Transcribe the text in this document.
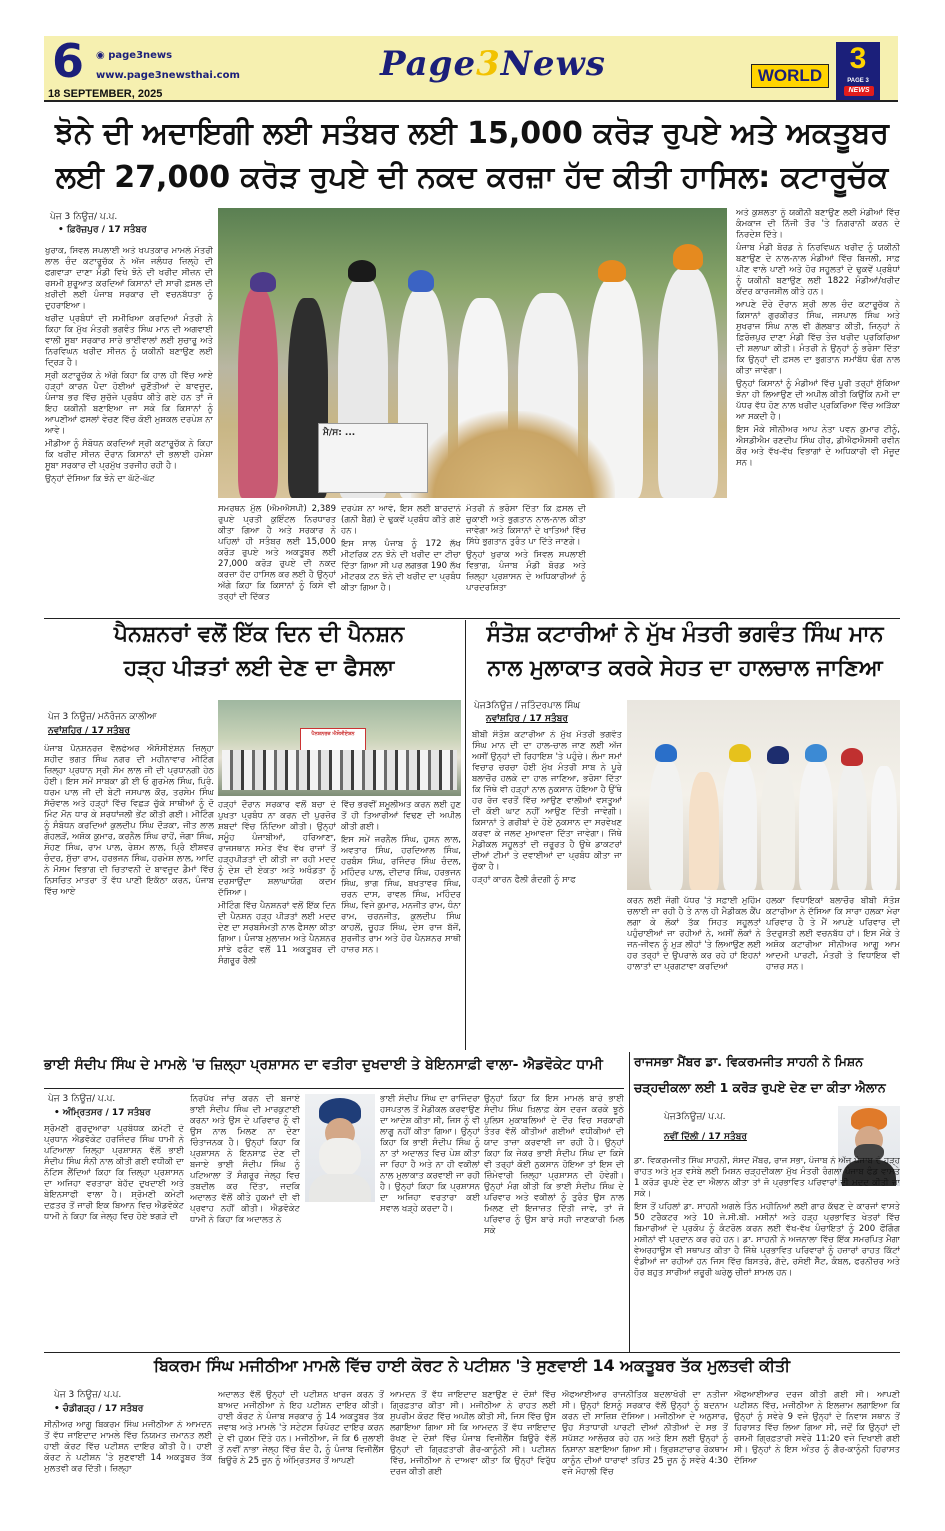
6 ◉ page3news
www.page3newsthai.com
18 SEPTEMBER, 2025
Page3News	WORLD
3
PAGE 3
NEWS
ਝੋਨੇ ਦੀ ਅਦਾਇਗੀ ਲਈ ਸਤੰਬਰ ਲਈ 15,000 ਕਰੋੜ ਰੁਪਏ ਅਤੇ ਅਕਤੂਬਰ
ਲਈ 27,000 ਕਰੋੜ ਰੁਪਏ ਦੀ ਨਕਦ ਕਰਜ਼ਾ ਹੱਦ ਕੀਤੀ ਹਾਸਿਲ: ਕਟਾਰੂਚੱਕ
ਪੇਜ 3 ਨਿਊਜ਼/ ਪ.ਪ.
• ਫ਼ਿਰੋਜ਼ਪੁਰ / 17 ਸਤੰਬਰ

ਖੁਰਾਕ, ਸਿਵਲ ਸਪਲਾਈ ਅਤੇ ਖਪਤਕਾਰ ਮਾਮਲੇ ਮੰਤਰੀ ਲਾਲ ਚੰਦ ਕਟਾਰੂਚੱਕ ਨੇ ਅੱਜ ਜਲੰਧਰ ਜ਼ਿਲ੍ਹੇ ਦੀ ਫਗਵਾੜਾ ਦਾਣਾ ਮੰਡੀ ਵਿਖੇ ਝੋਨੇ ਦੀ ਖਰੀਦ ਸੀਜ਼ਨ ਦੀ ਰਸਮੀ ਸ਼ੁਰੂਆਤ ਕਰਦਿਆਂ ਕਿਸਾਨਾਂ ਦੀ ਸਾਰੀ ਫ਼ਸਲ ਦੀ ਖ਼ਰੀਦੀ ਲਈ ਪੰਜਾਬ ਸਰਕਾਰ ਦੀ ਵਚਨਬੱਧਤਾ ਨੂੰ ਦੁਹਰਾਇਆ।

ਖਰੀਦ ਪ੍ਰਬੰਧਾਂ ਦੀ ਸਮੀਖਿਆ ਕਰਦਿਆਂ ਮੰਤਰੀ ਨੇ ਕਿਹਾ ਕਿ ਮੁੱਖ ਮੰਤਰੀ ਭਗਵੰਤ ਸਿੰਘ ਮਾਨ ਦੀ ਅਗਵਾਈ ਵਾਲੀ ਸੂਬਾ ਸਰਕਾਰ ਸਾਰੇ ਭਾਈਵਾਲਾਂ ਲਈ ਸੁਚਾਰੂ ਅਤੇ ਨਿਰਵਿਘਨ ਖਰੀਦ ਸੀਜ਼ਨ ਨੂੰ ਯਕੀਨੀ ਬਣਾਉਣ ਲਈ ਦ੍ਰਿੜ ਹੈ।

ਸ੍ਰੀ ਕਟਾਰੂਚੱਕ ਨੇ ਅੱਗੇ ਕਿਹਾ ਕਿ ਹਾਲ ਹੀ ਵਿੱਚ ਆਏ ਹੜ੍ਹਾਂ ਕਾਰਨ ਪੈਦਾ ਹੋਈਆਂ ਚੁਣੌਤੀਆਂ ਦੇ ਬਾਵਜੂਦ, ਪੰਜਾਬ ਭਰ ਵਿੱਚ ਸੁਚੱਜੇ ਪ੍ਰਬੰਧ ਕੀਤੇ ਗਏ ਹਨ ਤਾਂ ਜੋ ਇਹ ਯਕੀਨੀ ਬਣਾਇਆ ਜਾ ਸਕੇ ਕਿ ਕਿਸਾਨਾਂ ਨੂੰ ਆਪਣੀਆਂ ਫਸਲਾਂ ਵੇਚਣ ਵਿੱਚ ਕੋਈ ਮੁਸ਼ਕਲ ਦਰਪੇਸ਼ ਨਾ ਆਵੇ।

ਮੀਡੀਆ ਨੂੰ ਸੰਬੋਧਨ ਕਰਦਿਆਂ ਸ੍ਰੀ ਕਟਾਰੂਚੱਕ ਨੇ ਕਿਹਾ ਕਿ ਖਰੀਦ ਸੀਜ਼ਨ ਦੌਰਾਨ ਕਿਸਾਨਾਂ ਦੀ ਭਲਾਈ ਹਮੇਸ਼ਾ ਸੂਬਾ ਸਰਕਾਰ ਦੀ ਪ੍ਰਮੁੱਖ ਤਰਜੀਹ ਰਹੀ ਹੈ।

ਉਨ੍ਹਾਂ ਦੱਸਿਆ ਕਿ ਝੋਨੇ ਦਾ ਘੱਟੋ-ਘੱਟ

ਮੈ/ਸ: ...

ਸਮਰਥਨ ਮੁੱਲ (ਐਮਐਸਪੀ) 2,389 ਰੁਪਏ ਪ੍ਰਤੀ ਕੁਇੰਟਲ ਨਿਰਧਾਰਤ ਕੀਤਾ ਗਿਆ ਹੈ ਅਤੇ ਸਰਕਾਰ ਨੇ ਪਹਿਲਾਂ ਹੀ ਸਤੰਬਰ ਲਈ 15,000 ਕਰੋੜ ਰੁਪਏ ਅਤੇ ਅਕਤੂਬਰ ਲਈ 27,000 ਕਰੋੜ ਰੁਪਏ ਦੀ ਨਕਦ ਕਰਜ਼ਾ ਹੱਦ ਹਾਸਿਲ ਕਰ ਲਈ ਹੈ ਉਨ੍ਹਾਂ ਅੱਗੇ ਕਿਹਾ ਕਿ ਕਿਸਾਨਾਂ ਨੂੰ ਕਿਸੇ ਵੀ ਤਰ੍ਹਾਂ ਦੀ ਦਿੱਕਤ

ਦਰਪੇਸ਼ ਨਾ ਆਵੇ, ਇਸ ਲਈ ਬਾਰਦਾਨੇ (ਗਨੀ ਬੈਗ) ਦੇ ਢੁਕਵੇਂ ਪ੍ਰਬੰਧ ਕੀਤੇ ਗਏ ਹਨ।

ਇਸ ਸਾਲ ਪੰਜਾਬ ਨੂੰ 172 ਲੱਖ ਮੀਟਰਿਕ ਟਨ ਝੋਨੇ ਦੀ ਖਰੀਦ ਦਾ ਟੀਚਾ ਦਿੱਤਾ ਗਿਆ ਸੀ ਪਰ ਲਗਭਗ 190 ਲੱਖ ਮੀਟਰਕ ਟਨ ਝੋਨੇ ਦੀ ਖਰੀਦ ਦਾ ਪ੍ਰਬੰਧ ਕੀਤਾ ਗਿਆ ਹੈ।

ਮੰਤਰੀ ਨੇ ਭਰੋਸਾ ਦਿੱਤਾ ਕਿ ਫ਼ਸਲ ਦੀ ਚੁਕਾਈ ਅਤੇ ਭੁਗਤਾਨ ਨਾਲ-ਨਾਲ ਕੀਤਾ ਜਾਵੇਗਾ ਅਤੇ ਕਿਸਾਨਾਂ ਦੇ ਖਾਤਿਆਂ ਵਿੱਚ ਸਿੱਧੇ ਭੁਗਤਾਨ ਤੁਰੰਤ ਪਾ ਦਿੱਤੇ ਜਾਣਗੇ।

ਉਨ੍ਹਾਂ ਖੁਰਾਕ ਅਤੇ ਸਿਵਲ ਸਪਲਾਈ ਵਿਭਾਗ, ਪੰਜਾਬ ਮੰਡੀ ਬੋਰਡ ਅਤੇ ਜ਼ਿਲ੍ਹਾ ਪ੍ਰਸ਼ਾਸਨ ਦੇ ਅਧਿਕਾਰੀਆਂ ਨੂੰ ਪਾਰਦਰਸ਼ਿਤਾ

ਅਤੇ ਕੁਸ਼ਲਤਾ ਨੂੰ ਯਕੀਨੀ ਬਣਾਉਣ ਲਈ ਮੰਡੀਆਂ ਵਿੱਚ ਕੰਮਕਾਜ ਦੀ ਨਿੱਜੀ ਤੌਰ 'ਤੇ ਨਿਗਰਾਨੀ ਕਰਨ ਦੇ ਨਿਰਦੇਸ਼ ਦਿੱਤੇ।

ਪੰਜਾਬ ਮੰਡੀ ਬੋਰਡ ਨੇ ਨਿਰਵਿਘਨ ਖਰੀਦ ਨੂੰ ਯਕੀਨੀ ਬਣਾਉਣ ਦੇ ਨਾਲ-ਨਾਲ ਮੰਡੀਆਂ ਵਿੱਚ ਬਿਜਲੀ, ਸਾਫ਼ ਪੀਣ ਵਾਲੇ ਪਾਣੀ ਅਤੇ ਹੋਰ ਸਹੂਲਤਾਂ ਦੇ ਢੁਕਵੇਂ ਪ੍ਰਬੰਧਾਂ ਨੂੰ ਯਕੀਨੀ ਬਣਾਉਣ ਲਈ 1822 ਮੰਡੀਆਂ/ਖਰੀਦ ਕੇਂਦਰ ਕਾਰਜਸ਼ੀਲ ਕੀਤੇ ਹਨ।

ਆਪਣੇ ਦੌਰੇ ਦੌਰਾਨ ਸ਼੍ਰੀ ਲਾਲ ਚੰਦ ਕਟਾਰੂਚੱਕ ਨੇ ਕਿਸਾਨਾਂ ਗੁਰਕੀਰਤ ਸਿੰਘ, ਜਸਪਾਲ ਸਿੰਘ ਅਤੇ ਸੁਖਰਾਜ ਸਿੰਘ ਨਾਲ ਵੀ ਗੱਲਬਾਤ ਕੀਤੀ, ਜਿਨ੍ਹਾਂ ਨੇ ਫ਼ਿਰੋਜ਼ਪੁਰ ਦਾਣਾ ਮੰਡੀ ਵਿੱਚ ਤੇਜ਼ ਖਰੀਦ ਪ੍ਰਕਿਰਿਆ ਦੀ ਸ਼ਲਾਘਾ ਕੀਤੀ। ਮੰਤਰੀ ਨੇ ਉਨ੍ਹਾਂ ਨੂੰ ਭਰੋਸਾ ਦਿੱਤਾ ਕਿ ਉਨ੍ਹਾਂ ਦੀ ਫ਼ਸਲ ਦਾ ਭੁਗਤਾਨ ਸਮਾਂਬੱਧ ਢੰਗ ਨਾਲ ਕੀਤਾ ਜਾਵੇਗਾ।

ਉਨ੍ਹਾਂ ਕਿਸਾਨਾਂ ਨੂੰ ਮੰਡੀਆਂ ਵਿੱਚ ਪੂਰੀ ਤਰ੍ਹਾਂ ਸੁੱਕਿਆ ਝੋਨਾ ਹੀ ਲਿਆਉਣ ਦੀ ਅਪੀਲ ਕੀਤੀ ਕਿਉਂਕਿ ਨਮੀ ਦਾ ਪੱਧਰ ਵੱਧ ਹੋਣ ਨਾਲ ਖਰੀਦ ਪ੍ਰਕਿਰਿਆ ਵਿੱਚ ਅੜਿੱਕਾ ਆ ਸਕਦੀ ਹੈ।

ਇਸ ਮੌਕੇ ਸੀਨੀਅਰ ਆਪ ਨੇਤਾ ਪਵਨ ਕੁਮਾਰ ਟੀਨੂੰ, ਐਸਡੀਐਮ ਰਣਦੀਪ ਸਿੰਘ ਹੀਰ, ਡੀਐਫਐਸਸੀ ਰਵੀਨ ਕੌਰ ਅਤੇ ਵੱਖ-ਵੱਖ ਵਿਭਾਗਾਂ ਦੇ ਅਧਿਕਾਰੀ ਵੀ ਮੌਜੂਦ ਸਨ।

ਪੈਨਸ਼ਨਰਾਂ ਵਲੋਂ ਇੱਕ ਦਿਨ ਦੀ ਪੈਨਸ਼ਨ
ਹੜ੍ਹ ਪੀੜਤਾਂ ਲਈ ਦੇਣ ਦਾ ਫੈਸਲਾ
ਪੇਜ 3 ਨਿਊਜ਼/ ਮਨੋਰੰਜਨ ਕਾਲੀਆ
ਨਵਾਂਸ਼ਹਿਰ / 17 ਸਤੰਬਰ

ਪੰਜਾਬ ਪੈਨਸ਼ਨਰਜ਼ ਵੈਲਫੇਅਰ ਐਸੋਸੀਏਸ਼ਨ ਜ਼ਿਲ੍ਹਾ ਸ਼ਹੀਦ ਭਗਤ ਸਿੰਘ ਨਗਰ ਦੀ ਮਹੀਨਾਵਾਰ ਮੀਟਿੰਗ ਜ਼ਿਲ੍ਹਾ ਪ੍ਰਧਾਨ ਸ੍ਰੀ ਸੋਮ ਲਾਲ ਜੀ ਦੀ ਪ੍ਰਧਾਨਗੀ ਹੇਠ ਹੋਈ। ਇਸ ਸਮੇਂ ਸਾਬਕਾ ਡੀ ਈ ਓ ਗੁਰਮੇਲ ਸਿੰਘ, ਪ੍ਰਿੰ. ਧਰਮ ਪਾਲ ਜੀ ਦੀ ਬੇਟੀ ਜਸਪਾਲ ਕੌਰ, ਤਰਸੇਮ ਸਿੰਘ ਸੱਚੋਵਾਲ ਅਤੇ ਹੜ੍ਹਾਂ ਵਿੱਚ ਵਿਛੜ ਚੁੱਕੇ ਸਾਥੀਆਂ ਨੂੰ ਦੋ ਮਿੰਟ ਮੌਨ ਧਾਰ ਕੇ ਸ਼ਰਧਾਂਜਲੀ ਭੇਂਟ ਕੀਤੀ ਗਈ। ਮੀਟਿੰਗ ਨੂੰ ਸੰਬੋਧਨ ਕਰਦਿਆਂ ਕੁਲਦੀਪ ਸਿੰਘ ਦੌੜਕਾ, ਜੀਤ ਲਾਲ ਗੋਹਲੜੋਂ, ਅਸ਼ੋਕ ਕੁਮਾਰ, ਕਰਨੈਲ ਸਿੰਘ ਰਾਹੋਂ, ਜੋਗਾ ਸਿੰਘ, ਸੋਹਣ ਸਿੰਘ, ਰਾਮ ਪਾਲ, ਰੇਸ਼ਮ ਲਾਲ, ਪ੍ਰਿੰ ਈਸ਼ਵਰ ਚੰਦਰ, ਸੁੱਚਾ ਰਾਮ, ਹਰਭਜਨ ਸਿੰਘ, ਹਰਮੇਸ਼ ਲਾਲ, ਆਦਿ ਨੇ ਮੌਸਮ ਵਿਭਾਗ ਦੀ ਚਿਤਾਵਨੀ ਦੇ ਬਾਵਜੂਦ ਡੈਮਾਂ ਵਿੱਚ ਨਿਸਚਿਤ ਮਾਤਰਾ ਤੋਂ ਵੱਧ ਪਾਣੀ ਇਕੱਠਾ ਕਰਨ, ਪੰਜਾਬ ਵਿੱਚ ਆਏ

ਪੈਨਸ਼ਨਰਜ਼ ਐਸੋਸੀਏਸ਼ਨ

ਹੜ੍ਹਾਂ ਦੌਰਾਨ ਸਰਕਾਰ ਵਲੋਂ ਬਚਾ ਦੇ ਪੁਖਤਾ ਪ੍ਰਬੰਧ ਨਾ ਕਰਨ ਦੀ ਪੁਰਜ਼ੋਰ ਸ਼ਬਦਾਂ ਵਿੱਚ ਨਿੰਦਿਆ ਕੀਤੀ। ਉਨ੍ਹਾਂ ਸਮੂੰਹ ਪੰਜਾਬੀਆਂ, ਹਰਿਆਣਾ, ਰਾਜਸਥਾਨ ਸਮੇਤ ਵੱਖ ਵੱਖ ਰਾਜਾਂ ਤੋਂ ਹੜ੍ਹਪੀੜਤਾਂ ਦੀ ਕੀਤੀ ਜਾ ਰਹੀ ਮਦਦ ਨੂੰ ਦੇਸ਼ ਦੀ ਏਕਤਾ ਅਤੇ ਅਖੰਡਤਾ ਨੂੰ ਦਰਸਾਉਂਦਾ ਸ਼ਲਾਘਾਯੋਗ ਕਦਮ ਦੱਸਿਆ।

ਮੀਟਿੰਗ ਵਿੱਚ ਪੈਨਸ਼ਨਰਾਂ ਵਲੋਂ ਇੱਕ ਦਿਨ ਦੀ ਪੈਨਸ਼ਨ ਹੜ੍ਹ ਪੀੜਤਾਂ ਲਈ ਮਦਦ ਦੇਣ ਦਾ ਸਰਬਸੰਮਤੀ ਨਾਲ ਫੈਸਲਾ ਕੀਤਾ ਗਿਆ। ਪੰਜਾਬ ਮੁਲਾਜ਼ਮ ਅਤੇ ਪੈਨਸ਼ਨਰ ਸਾਂਝੇ ਫਰੰਟ ਵਲੋਂ 11 ਅਕਤੂਬਰ ਦੀ ਸੰਗਰੂਰ ਰੈਲੀ

ਵਿੱਚ ਭਰਵੀਂ ਸ਼ਮੂਲੀਅਤ ਕਰਨ ਲਈ ਹੁਣ ਤੋਂ ਹੀ ਤਿਆਰੀਆਂ ਵਿਢਣ ਦੀ ਅਪੀਲ ਕੀਤੀ ਗਈ।

ਇਸ ਸਮੇਂ ਜਰਨੈਲ ਸਿੰਘ, ਹੁਸਨ ਲਾਲ, ਅਵਤਾਰ ਸਿੰਘ, ਹਰਦਿਆਲ ਸਿੰਘ, ਹਰਬੰਸ ਸਿੰਘ, ਰਜਿੰਦਰ ਸਿੰਘ ਚੰਦਲ, ਮਹਿੰਦਰ ਪਾਲ, ਦੀਦਾਰ ਸਿੰਘ, ਹਰਭਜਨ ਸਿੰਘ, ਭਾਗ ਸਿੰਘ, ਬਖਤਾਵਰ ਸਿੰਘ, ਚਰਨ ਦਾਸ, ਰਾਵਲ ਸਿੰਘ, ਮਹਿੰਦਰ ਸਿੰਘ, ਵਿਜੇ ਕੁਮਾਰ, ਮਨਜੀਤ ਰਾਮ, ਧੰਨਾ ਰਾਮ, ਚਰਨਜੀਤ, ਕੁਲਦੀਪ ਸਿੰਘ ਕਾਹਲੋਂ, ਚੂਹੜ ਸਿੰਘ, ਦੇਸ ਰਾਜ ਬੱਜੋਂ, ਸੁਰਜੀਤ ਰਾਮ ਅਤੇ ਹੋਰ ਪੈਨਸ਼ਨਰ ਸਾਥੀ ਹਾਜ਼ਰ ਸਨ।

ਸੰਤੋਸ਼ ਕਟਾਰੀਆਂ ਨੇ ਮੁੱਖ ਮੰਤਰੀ ਭਗਵੰਤ ਸਿੰਘ ਮਾਨ
ਨਾਲ ਮੁਲਾਕਾਤ ਕਰਕੇ ਸੇਹਤ ਦਾ ਹਾਲਚਾਲ ਜਾਣਿਆ
ਪੇਜ3ਨਿਊਜ਼ / ਜਤਿੰਦਰਪਾਲ ਸਿੰਘ
ਨਵਾਂਸ਼ਹਿਰ / 17 ਸਤੰਬਰ

ਬੀਬੀ ਸੰਤੋਸ਼ ਕਟਾਰੀਆ ਨੇ ਮੁੱਖ ਮੰਤਰੀ ਭਗਵੰਤ ਸਿੰਘ ਮਾਨ ਦੀ ਦਾ ਹਾਲ-ਚਾਲ ਜਾਣ ਲਈ ਅੱਜ ਅਸੀਂ ਉਨ੍ਹਾਂ ਦੀ ਰਿਹਾਇਸ਼ 'ਤੇ ਪਹੁੰਚੇ। ਲੰਮਾ ਸਮਾਂ ਵਿਚਾਰ ਚਰਚਾ ਹੋਈ ਮੁੱਖ ਮੰਤਰੀ ਸਾਬ ਨੇ ਪੂਰੇ ਬਲਾਚੌਰ ਹਲਕੇ ਦਾ ਹਾਲ ਜਾਣਿਆ, ਭਰੋਸਾ ਦਿੱਤਾ ਕਿ ਜਿੱਥੇ ਵੀ ਹੜ੍ਹਾਂ ਨਾਲ ਨੁਕਸਾਨ ਹੋਇਆ ਹੈ ਉੱਥੇ ਹਰ ਰੋਜ਼ ਵਰਤੋਂ ਵਿੱਚ ਆਉਣ ਵਾਲੀਆਂ ਵਸਤੂਆਂ ਦੀ ਕੋਈ ਘਾਟ ਨਹੀਂ ਆਉਣ ਦਿੱਤੀ ਜਾਵੇਗੀ। ਕਿਸਾਨਾਂ ਤੇ ਗਰੀਬਾਂ ਦੇ ਹੋਏ ਨੁਕਸਾਨ ਦਾ ਸਰਵੇਖਣ ਕਰਵਾ ਕੇ ਜਲਦ ਮੁਆਵਜ਼ਾ ਦਿੱਤਾ ਜਾਵੇਗਾ। ਜਿੱਥੇ ਮੈਡੀਕਲ ਸਹੂਲਤਾਂ ਦੀ ਜ਼ਰੂਰਤ ਹੈ ਉਥੇ ਡਾਕਟਰਾਂ ਦੀਆਂ ਟੀਮਾਂ ਤੇ ਦਵਾਈਆਂ ਦਾ ਪ੍ਰਬੰਧ ਕੀਤਾ ਜਾ ਚੁੱਕਾ ਹੈ।

ਹੜ੍ਹਾਂ ਕਾਰਨ ਫੈਲੀ ਗੰਦਗੀ ਨੂੰ ਸਾਫ

ਕਰਨ ਲਈ ਜੰਗੀ ਪੱਧਰ 'ਤੇ ਸਫ਼ਾਈ ਮੁਹਿੰਮ ਚਲਾਈ ਜਾ ਰਹੀ ਹੈ ਤੇ ਨਾਲ ਹੀ ਮੈਡੀਕਲ ਕੈਂਪ ਲਗਾ ਕੇ ਲੋਕਾਂ ਤੱਕ ਸਿਹਤ ਸਹੂਲਤਾਂ ਪਹੁੰਚਾਈਆਂ ਜਾ ਰਹੀਆਂ ਨੇ, ਅਸੀਂ ਲੋਕਾਂ ਨੇ ਜਨ-ਜੀਵਨ ਨੂੰ ਮੁੜ ਲੀਹਾਂ 'ਤੇ ਲਿਆਉਣ ਲਈ ਹਰ ਤਰ੍ਹਾਂ ਦੇ ਉਪਰਾਲੇ ਕਰ ਰਹੇ ਹਾਂ ਇਹਨਾਂ ਹਾਲਾਤਾਂ ਦਾ ਪ੍ਰਗਟਾਵਾ ਕਰਦਿਆਂ

ਹਲਕਾ ਵਿਧਾਇਕਾਂ ਬਲਾਚੌਰ ਬੀਬੀ ਸੰਤੋਸ਼ ਕਟਾਰੀਆ ਨੇ ਦੱਸਿਆ ਕਿ ਸਾਰਾ ਹਲਕਾ ਮੇਰਾ ਪਰਿਵਾਰ ਹੈ ਤੇ ਮੈਂ ਆਪਣੇ ਪਰਿਵਾਰ ਦੀ ਤੰਦਰੁਸਤੀ ਲਈ ਵਚਨਬੱਧ ਹਾਂ। ਇਸ ਮੌਕੇ ਤੇ ਅਸ਼ੋਕ ਕਟਾਰੀਆ ਸੀਨੀਅਰ ਆਗੂ ਆਮ ਆਦਮੀ ਪਾਰਟੀ, ਮੰਤਰੀ ਤੇ ਵਿਧਾਇਕ ਵੀ ਹਾਜ਼ਰ ਸਨ।

ਭਾਈ ਸੰਦੀਪ ਸਿੰਘ ਦੇ ਮਾਮਲੇ 'ਚ ਜ਼ਿਲ੍ਹਾ ਪ੍ਰਸ਼ਾਸਨ ਦਾ ਵਤੀਰਾ ਦੁਖਦਾਈ ਤੇ ਬੇਇਨਸਾਫ਼ੀ ਵਾਲਾ- ਐਡਵੋਕੇਟ ਧਾਮੀ
ਪੇਜ 3 ਨਿਊਜ਼/ ਪ.ਪ.
• ਅੰਮ੍ਰਿਤਸਰ / 17 ਸਤੰਬਰ

ਸ਼੍ਰੋਮਣੀ ਗੁਰਦੁਆਰਾ ਪ੍ਰਬੰਧਕ ਕਮੇਟੀ ਦੇ ਪ੍ਰਧਾਨ ਐਡਵੋਕੇਟ ਹਰਜਿੰਦਰ ਸਿੰਘ ਧਾਮੀ ਨੇ ਪਟਿਆਲਾ ਜ਼ਿਲ੍ਹਾ ਪ੍ਰਸ਼ਾਸਨ ਵੱਲੋਂ ਭਾਈ ਸੰਦੀਪ ਸਿੰਘ ਸੰਨੀ ਨਾਲ ਕੀਤੀ ਗਈ ਵਧੀਕੀ ਦਾ ਨੋਟਿਸ ਲੈਂਦਿਆਂ ਕਿਹਾ ਕਿ ਜ਼ਿਲ੍ਹਾ ਪ੍ਰਸ਼ਾਸਨ ਦਾ ਅਜਿਹਾ ਵਰਤਾਰਾ ਬੇਹੱਦ ਦੁਖਦਾਈ ਅਤੇ ਬੇਇਨਸਾਫੀ ਵਾਲਾ ਹੈ। ਸ਼੍ਰੋਮਣੀ ਕਮੇਟੀ ਦਫ਼ਤਰ ਤੋਂ ਜਾਰੀ ਇਕ ਬਿਆਨ ਵਿਚ ਐਡਵੋਕੇਟ ਧਾਮੀ ਨੇ ਕਿਹਾ ਕਿ ਜੇਲ੍ਹ ਵਿਚ ਹੋਏ ਝਗੜੇ ਦੀ

ਨਿਰਪੱਖ ਜਾਂਚ ਕਰਨ ਦੀ ਬਜਾਏ ਭਾਈ ਸੰਦੀਪ ਸਿੰਘ ਦੀ ਮਾਰਕੁਟਾਈ ਕਰਨਾ ਅਤੇ ਉਸ ਦੇ ਪਰਿਵਾਰ ਨੂੰ ਵੀ ਉਸ ਨਾਲ ਮਿਲਣ ਨਾ ਦੇਣਾ ਚਿੰਤਾਜਨਕ ਹੈ। ਉਨ੍ਹਾਂ ਕਿਹਾ ਕਿ ਪ੍ਰਸ਼ਾਸਨ ਨੇ ਇਨਸਾਫ਼ ਦੇਣ ਦੀ ਬਜਾਏ ਭਾਈ ਸੰਦੀਪ ਸਿੰਘ ਨੂੰ ਪਟਿਆਲਾ ਤੋਂ ਸੰਗਰੂਰ ਜੇਲ੍ਹ ਵਿਚ ਤਬਦੀਲ ਕਰ ਦਿੱਤਾ, ਜਦਕਿ ਅਦਾਲਤ ਵੱਲੋਂ ਕੀਤੇ ਹੁਕਮਾਂ ਦੀ ਵੀ ਪ੍ਰਵਾਹ ਨਹੀਂ ਕੀਤੀ। ਐਡਵੋਕੇਟ ਧਾਮੀ ਨੇ ਕਿਹਾ ਕਿ ਅਦਾਲਤ ਨੇ

ਭਾਈ ਸੰਦੀਪ ਸਿੰਘ ਦਾ ਰਾਜਿੰਦਰਾ ਹਸਪਤਾਲ ਤੋਂ ਮੈਡੀਕਲ ਕਰਵਾਉਣ ਦਾ ਆਦੇਸ਼ ਕੀਤਾ ਸੀ, ਜਿਸ ਨੂੰ ਵੀ ਲਾਗੂ ਨਹੀਂ ਕੀਤਾ ਗਿਆ। ਉਨ੍ਹਾਂ ਕਿਹਾ ਕਿ ਭਾਈ ਸੰਦੀਪ ਸਿੰਘ ਨੂੰ ਨਾ ਤਾਂ ਅਦਾਲਤ ਵਿਚ ਪੇਸ਼ ਕੀਤਾ ਜਾ ਰਿਹਾ ਹੈ ਅਤੇ ਨਾ ਹੀ ਵਕੀਲਾਂ ਨਾਲ ਮੁਲਾਕਾਤ ਕਰਵਾਈ ਜਾ ਰਹੀ ਹੈ। ਉਨ੍ਹਾਂ ਕਿਹਾ ਕਿ ਪ੍ਰਸ਼ਾਸਨ ਦਾ ਅਜਿਹਾ ਵਰਤਾਰਾ ਕਈ ਸਵਾਲ ਖੜ੍ਹੇ ਕਰਦਾ ਹੈ।

ਉਨ੍ਹਾਂ ਕਿਹਾ ਕਿ ਇਸ ਮਾਮਲੇ ਬਾਰੇ ਭਾਈ ਸੰਦੀਪ ਸਿੰਘ ਖ਼ਿਲਾਫ਼ ਕੇਸ ਦਰਜ ਕਰਕੇ ਝੂਠੇ ਪੁਲਿਸ ਮੁਕਾਬਲਿਆਂ ਦੇ ਦੌਰ ਵਿਚ ਸਰਕਾਰੀ ਤੰਤਰ ਵੱਲੋਂ ਕੀਤੀਆਂ ਗਈਆਂ ਵਧੀਕੀਆਂ ਦੀ ਯਾਦ ਤਾਜ਼ਾ ਕਰਵਾਈ ਜਾ ਰਹੀ ਹੈ। ਉਨ੍ਹਾਂ ਕਿਹਾ ਕਿ ਜੇਕਰ ਭਾਈ ਸੰਦੀਪ ਸਿੰਘ ਦਾ ਕਿਸੇ ਵੀ ਤਰ੍ਹਾਂ ਕੋਈ ਨੁਕਸਾਨ ਹੋਇਆ ਤਾਂ ਇਸ ਦੀ ਜ਼ਿੰਮੇਵਾਰੀ ਜ਼ਿਲ੍ਹਾ ਪ੍ਰਸ਼ਾਸਨ ਦੀ ਹੋਵੇਗੀ। ਉਨ੍ਹਾਂ ਮੰਗ ਕੀਤੀ ਕਿ ਭਾਈ ਸੰਦੀਪ ਸਿੰਘ ਦੇ ਪਰਿਵਾਰ ਅਤੇ ਵਕੀਲਾਂ ਨੂੰ ਤੁਰੰਤ ਉਸ ਨਾਲ ਮਿਲਣ ਦੀ ਇਜਾਜ਼ਤ ਦਿੱਤੀ ਜਾਵੇ, ਤਾਂ ਜੋ ਪਰਿਵਾਰ ਨੂੰ ਉਸ ਬਾਰੇ ਸਹੀ ਜਾਣਕਾਰੀ ਮਿਲ ਸਕੇ

ਰਾਜਸਭਾ ਮੈਂਬਰ ਡਾ. ਵਿਕਰਮਜੀਤ ਸਾਹਨੀ ਨੇ ਮਿਸ਼ਨ
ਚੜ੍ਹਦੀਕਲਾ ਲਈ 1 ਕਰੋੜ ਰੁਪਏ ਦੇਣ ਦਾ ਕੀਤਾ ਐਲਾਨ
ਪੇਜ3ਨਿਊਜ਼/ ਪ.ਪ.
ਨਵੀਂ ਦਿੱਲੀ / 17 ਸਤੰਬਰ

ਡਾ. ਵਿਕਰਮਜੀਤ ਸਿੰਘ ਸਾਹਨੀ, ਸੰਸਦ ਮੈਂਬਰ, ਰਾਜ ਸਭਾ, ਪੰਜਾਬ ਨੇ ਅੱਜ ਪੰਜਾਬ ਦੇ ਹੜ੍ਹ ਰਾਹਤ ਅਤੇ ਮੁੜ ਵਸੇਬੇ ਲਈ ਮਿਸ਼ਨ ਚੜ੍ਹਦੀਕਲਾ ਮੁੱਖ ਮੰਤਰੀ ਰੰਗਲਾ ਪੰਜਾਬ ਫੰਡ ਵਾਸਤੇ 1 ਕਰੋੜ ਰੁਪਏ ਦੇਣ ਦਾ ਐਲਾਨ ਕੀਤਾ ਤਾਂ ਜੋ ਪ੍ਰਭਾਵਿਤ ਪਰਿਵਾਰਾਂ ਦੀ ਮਦਦ ਕੀਤੀ ਜਾ ਸਕੇ।

ਇਸ ਤੋਂ ਪਹਿਲਾਂ ਡਾ. ਸਾਹਨੀ ਅਗਲੇ ਤਿੰਨ ਮਹੀਨਿਆਂ ਲਈ ਗਾਰ ਕੱਢਣ ਦੇ ਕਾਰਜਾਂ ਵਾਸਤੇ 50 ਟਰੈਕਟਰ ਅਤੇ 10 ਜੇ.ਸੀ.ਬੀ. ਮਸ਼ੀਨਾਂ ਅਤੇ ਹੜ੍ਹ ਪ੍ਰਭਾਵਿਤ ਖੇਤਰਾਂ ਵਿੱਚ ਬਿਮਾਰੀਆਂ ਦੇ ਪ੍ਰਕੋਪ ਨੂੰ ਕੰਟਰੋਲ ਕਰਨ ਲਈ ਵੱਖ-ਵੱਖ ਪੰਚਾਇਤਾਂ ਨੂੰ 200 ਫੌਗਿੰਗ ਮਸ਼ੀਨਾਂ ਵੀ ਪ੍ਰਦਾਨ ਕਰ ਰਹੇ ਹਨ। ਡਾ. ਸਾਹਨੀ ਨੇ ਅਜਨਾਲਾ ਵਿੱਚ ਇੱਕ ਸਮਰਪਿਤ ਮੈਗਾ ਵੇਅਰਹਾਊਸ ਵੀ ਸਥਾਪਤ ਕੀਤਾ ਹੈ ਜਿੱਥੇ ਪ੍ਰਭਾਵਿਤ ਪਰਿਵਾਰਾਂ ਨੂੰ ਹਜ਼ਾਰਾਂ ਰਾਹਤ ਕਿੱਟਾਂ ਵੰਡੀਆਂ ਜਾ ਰਹੀਆਂ ਹਨ ਜਿਸ ਵਿੱਚ ਬਿਸਤਰੇ, ਗੱਦੇ, ਰਸੋਈ ਸੈੱਟ, ਕੰਬਲ, ਫਰਨੀਚਰ ਅਤੇ ਹੋਰ ਬਹੁਤ ਸਾਰੀਆਂ ਜ਼ਰੂਰੀ ਘਰੇਲੂ ਚੀਜ਼ਾਂ ਸ਼ਾਮਲ ਹਨ।

ਬਿਕਰਮ ਸਿੰਘ ਮਜੀਠੀਆ ਮਾਮਲੇ ਵਿੱਚ ਹਾਈ ਕੋਰਟ ਨੇ ਪਟੀਸ਼ਨ 'ਤੇ ਸੁਣਵਾਈ 14 ਅਕਤੂਬਰ ਤੱਕ ਮੁਲਤਵੀ ਕੀਤੀ
ਪੇਜ 3 ਨਿਊਜ਼/ ਪ.ਪ.
• ਚੰਡੀਗੜ੍ਹ / 17 ਸਤੰਬਰ
ਸੀਨੀਅਰ ਆਗੂ ਬਿਕਰਮ ਸਿੰਘ ਮਜੀਠੀਆ ਨੇ ਆਮਦਨ ਤੋਂ ਵੱਧ ਜਾਇਦਾਦ ਮਾਮਲੇ ਵਿੱਚ ਨਿਯਮਤ ਜ਼ਮਾਨਤ ਲਈ ਹਾਈ ਕੋਰਟ ਵਿੱਚ ਪਟੀਸ਼ਨ ਦਾਇਰ ਕੀਤੀ ਹੈ। ਹਾਈ ਕੋਰਟ ਨੇ ਪਟੀਸ਼ਨ 'ਤੇ ਸੁਣਵਾਈ 14 ਅਕਤੂਬਰ ਤੱਕ ਮੁਲਤਵੀ ਕਰ ਦਿੱਤੀ। ਜ਼ਿਲ੍ਹਾ
ਅਦਾਲਤ ਵੱਲੋਂ ਉਨ੍ਹਾਂ ਦੀ ਪਟੀਸ਼ਨ ਖਾਰਜ ਕਰਨ ਤੋਂ ਬਾਅਦ ਮਜੀਠੀਆ ਨੇ ਇਹ ਪਟੀਸ਼ਨ ਦਾਇਰ ਕੀਤੀ। ਹਾਈ ਕੋਰਟ ਨੇ ਪੰਜਾਬ ਸਰਕਾਰ ਨੂੰ 14 ਅਕਤੂਬਰ ਤੱਕ ਜਵਾਬ ਅਤੇ ਮਾਮਲੇ 'ਤੇ ਸਟੇਟਸ ਰਿਪੋਰਟ ਦਾਇਰ ਕਰਨ ਦੇ ਵੀ ਹੁਕਮ ਦਿੱਤੇ ਹਨ। ਮਜੀਠੀਆ, ਜੋ ਕਿ 6 ਜੁਲਾਈ ਤੋਂ ਨਵੀਂ ਨਾਭਾ ਜੇਲ੍ਹ ਵਿੱਚ ਬੰਦ ਹੈ, ਨੂੰ ਪੰਜਾਬ ਵਿਜੀਲੈਂਸ ਬਿਊਰੋ ਨੇ 25 ਜੂਨ ਨੂੰ ਅੰਮ੍ਰਿਤਸਰ ਤੋਂ ਆਪਣੀ
ਆਮਦਨ ਤੋਂ ਵੱਧ ਜਾਇਦਾਦ ਬਣਾਉਣ ਦੇ ਦੋਸ਼ਾਂ ਵਿੱਚ ਗ੍ਰਿਫ਼ਤਾਰ ਕੀਤਾ ਸੀ। ਮਜੀਠੀਆ ਨੇ ਰਾਹਤ ਲਈ ਸੁਪਰੀਮ ਕੋਰਟ ਵਿੱਚ ਅਪੀਲ ਕੀਤੀ ਸੀ, ਜਿਸ ਵਿੱਚ ਉਸ ਲਗਾਇਆ ਗਿਆ ਸੀ ਕਿ ਆਮਦਨ ਤੋਂ ਵੱਧ ਜਾਇਦਾਦ ਰੱਖਣ ਦੇ ਦੋਸ਼ਾਂ ਵਿੱਚ ਪੰਜਾਬ ਵਿਜੀਲੈਂਸ ਬਿਊਰੋ ਵੱਲੋਂ ਉਨ੍ਹਾਂ ਦੀ ਗ੍ਰਿਫ਼ਤਾਰੀ ਗੈਰ-ਕਾਨੂੰਨੀ ਸੀ। ਪਟੀਸ਼ਨ ਵਿੱਚ, ਮਜੀਠੀਆ ਨੇ ਦਾਅਵਾ ਕੀਤਾ ਕਿ ਉਨ੍ਹਾਂ ਵਿਰੁੱਧ ਦਰਜ ਕੀਤੀ ਗਈ
ਐਫਆਈਆਰ ਰਾਜਨੀਤਿਕ ਬਦਲਾਖੋਰੀ ਦਾ ਨਤੀਜਾ ਸੀ। ਉਨ੍ਹਾਂ ਇਸਨੂੰ ਸਰਕਾਰ ਵੱਲੋਂ ਉਨ੍ਹਾਂ ਨੂੰ ਬਦਨਾਮ ਕਰਨ ਦੀ ਸਾਜ਼ਿਸ਼ ਦੱਸਿਆ। ਮਜੀਠੀਆ ਦੇ ਅਨੁਸਾਰ, ਉਹ ਸੱਤਾਧਾਰੀ ਪਾਰਟੀ ਦੀਆਂ ਨੀਤੀਆਂ ਦੇ ਸਭ ਤੋਂ ਸਪੱਸ਼ਟ ਆਲੋਚਕ ਰਹੇ ਹਨ ਅਤੇ ਇਸ ਲਈ ਉਨ੍ਹਾਂ ਨੂੰ ਨਿਸ਼ਾਨਾ ਬਣਾਇਆ ਗਿਆ ਸੀ। ਭ੍ਰਿਸ਼ਟਾਚਾਰ ਰੋਕਥਾਮ ਕਾਨੂੰਨ ਦੀਆਂ ਧਾਰਾਵਾਂ ਤਹਿਤ 25 ਜੂਨ ਨੂੰ ਸਵੇਰੇ 4:30 ਵਜੇ ਮੋਹਾਲੀ ਵਿੱਚ
ਐਫਆਈਆਰ ਦਰਜ ਕੀਤੀ ਗਈ ਸੀ। ਆਪਣੀ ਪਟੀਸ਼ਨ ਵਿੱਚ, ਮਜੀਠੀਆ ਨੇ ਇਲਜ਼ਾਮ ਲਗਾਇਆ ਕਿ ਉਨ੍ਹਾਂ ਨੂੰ ਸਵੇਰੇ 9 ਵਜੇ ਉਨ੍ਹਾਂ ਦੇ ਨਿਵਾਸ ਸਥਾਨ ਤੋਂ ਹਿਰਾਸਤ ਵਿੱਚ ਲਿਆ ਗਿਆ ਸੀ, ਜਦੋਂ ਕਿ ਉਨ੍ਹਾਂ ਦੀ ਰਸਮੀ ਗ੍ਰਿਫ਼ਤਾਰੀ ਸਵੇਰੇ 11:20 ਵਜੇ ਦਿਖਾਈ ਗਈ ਸੀ। ਉਨ੍ਹਾਂ ਨੇ ਇਸ ਅੰਤਰ ਨੂੰ ਗੈਰ-ਕਾਨੂੰਨੀ ਹਿਰਾਸਤ ਦੱਸਿਆ
